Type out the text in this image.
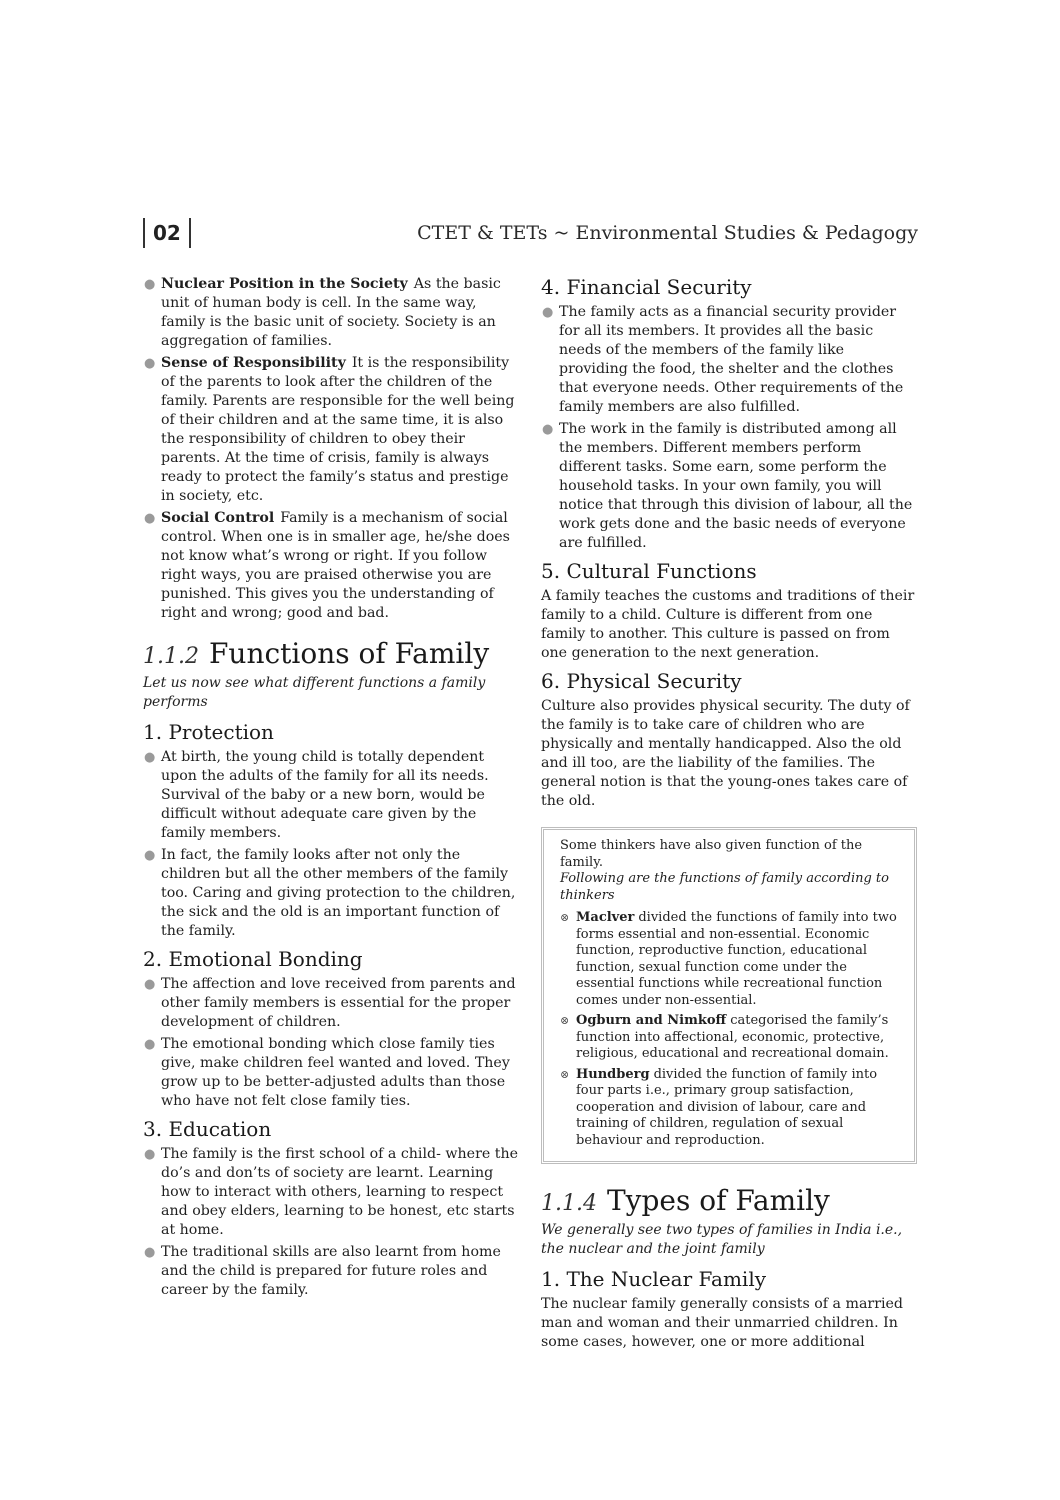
02	CTET & TETs ~ Environmental Studies & Pedagogy
● Nuclear Position in the Society As the basic unit of human body is cell. In the same way, family is the basic unit of society. Society is an aggregation of families.
● Sense of Responsibility It is the responsibility of the parents to look after the children of the family. Parents are responsible for the well being of their children and at the same time, it is also the responsibility of children to obey their parents. At the time of crisis, family is always ready to protect the family’s status and prestige in society, etc.
● Social Control Family is a mechanism of social control. When one is in smaller age, he/she does not know what’s wrong or right. If you follow right ways, you are praised otherwise you are punished. This gives you the understanding of right and wrong; good and bad.
1.1.2 Functions of Family

Let us now see what different functions a family performs

1. Protection
● At birth, the young child is totally dependent upon the adults of the family for all its needs. Survival of the baby or a new born, would be difficult without adequate care given by the family members.
● In fact, the family looks after not only the children but all the other members of the family too. Caring and giving protection to the children, the sick and the old is an important function of the family.
2. Emotional Bonding
● The affection and love received from parents and other family members is essential for the proper development of children.
● The emotional bonding which close family ties give, make children feel wanted and loved. They grow up to be better-adjusted adults than those who have not felt close family ties.
3. Education
● The family is the first school of a child- where the do’s and don’ts of society are learnt. Learning how to interact with others, learning to respect and obey elders, learning to be honest, etc starts at home.
● The traditional skills are also learnt from home and the child is prepared for future roles and career by the family.
4. Financial Security
● The family acts as a financial security provider for all its members. It provides all the basic needs of the members of the family like providing the food, the shelter and the clothes that everyone needs. Other requirements of the family members are also fulfilled.
● The work in the family is distributed among all the members. Different members perform different tasks. Some earn, some perform the household tasks. In your own family, you will notice that through this division of labour, all the work gets done and the basic needs of everyone are fulfilled.
5. Cultural Functions

A family teaches the customs and traditions of their family to a child. Culture is different from one family to another. This culture is passed on from one generation to the next generation.

6. Physical Security

Culture also provides physical security. The duty of the family is to take care of children who are physically and mentally handicapped. Also the old and ill too, are the liability of the families. The general notion is that the young-ones takes care of the old.

Some thinkers have also given function of the family.

Following are the functions of family according to thinkers

⊗ Maclver divided the functions of family into two forms essential and non-essential. Economic function, reproductive function, educational function, sexual function come under the essential functions while recreational function comes under non-essential.
⊗ Ogburn and Nimkoff categorised the family’s function into affectional, economic, protective, religious, educational and recreational domain.
⊗ Hundberg divided the function of family into four parts i.e., primary group satisfaction, cooperation and division of labour, care and training of children, regulation of sexual behaviour and reproduction.
1.1.4 Types of Family

We generally see two types of families in India i.e., the nuclear and the joint family

1. The Nuclear Family

The nuclear family generally consists of a married man and woman and their unmarried children. In some cases, however, one or more additional
